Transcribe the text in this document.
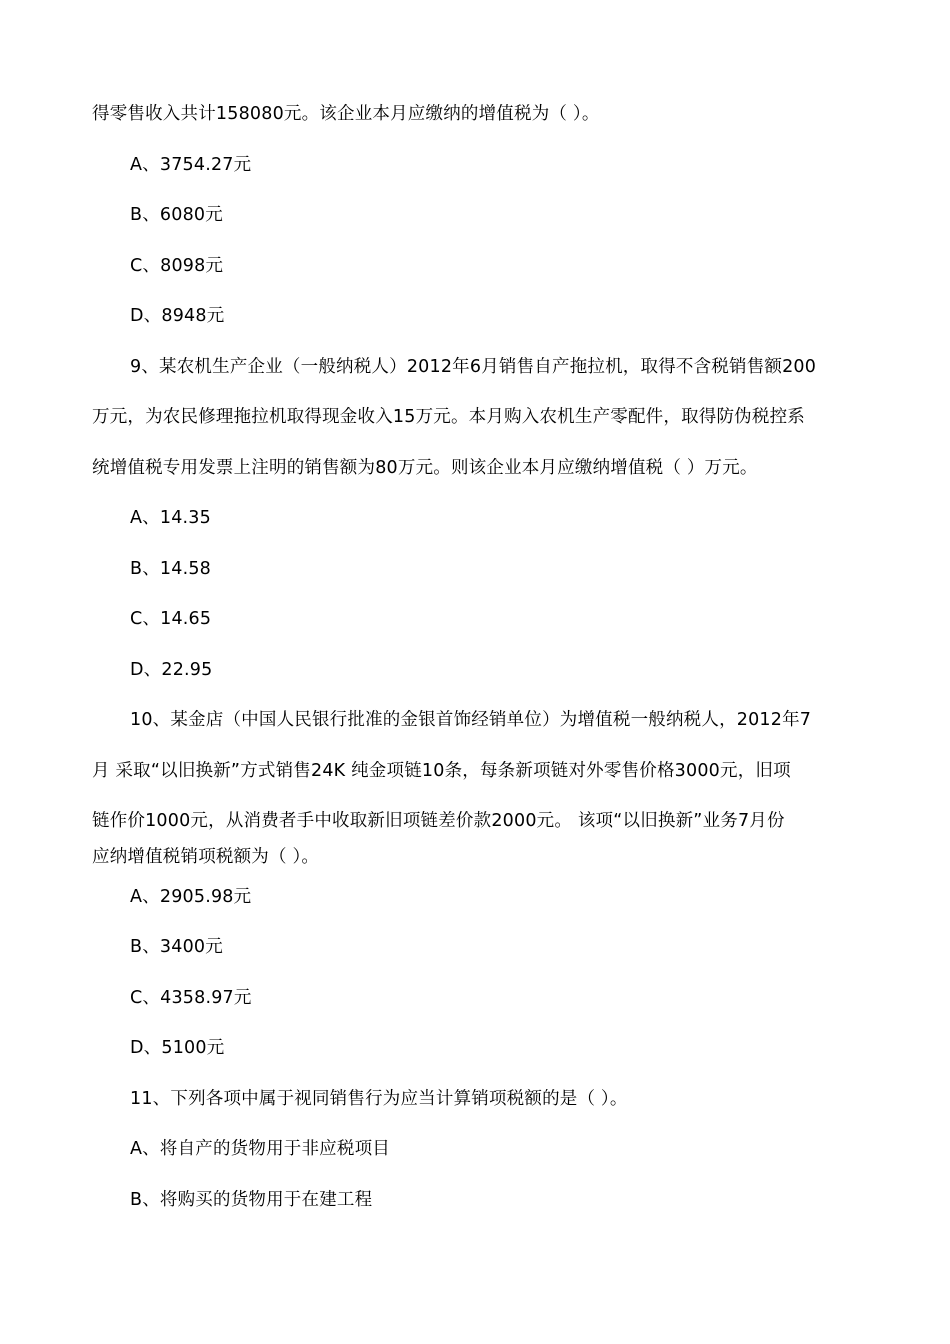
得零售收入共计158080元。该企业本月应缴纳的增值税为（ ）。
A、3754.27元
B、6080元
C、8098元
D、8948元
9、某农机生产企业（一般纳税人）2012年6月销售自产拖拉机，取得不含税销售额200
万元，为农民修理拖拉机取得现金收入15万元。本月购入农机生产零配件，取得防伪税控系
统增值税专用发票上注明的销售额为80万元。则该企业本月应缴纳增值税（ ）万元。
A、14.35
B、14.58
C、14.65
D、22.95
10、某金店（中国人民银行批准的金银首饰经销单位）为增值税一般纳税人，2012年7
月 采取“以旧换新”方式销售24K 纯金项链10条，每条新项链对外零售价格3000元，旧项
链作价1000元，从消费者手中收取新旧项链差价款2000元。 该项“以旧换新”业务7月份
应纳增值税销项税额为（ ）。
A、2905.98元
B、3400元
C、4358.97元
D、5100元
11、下列各项中属于视同销售行为应当计算销项税额的是（ ）。
A、将自产的货物用于非应税项目
B、将购买的货物用于在建工程
